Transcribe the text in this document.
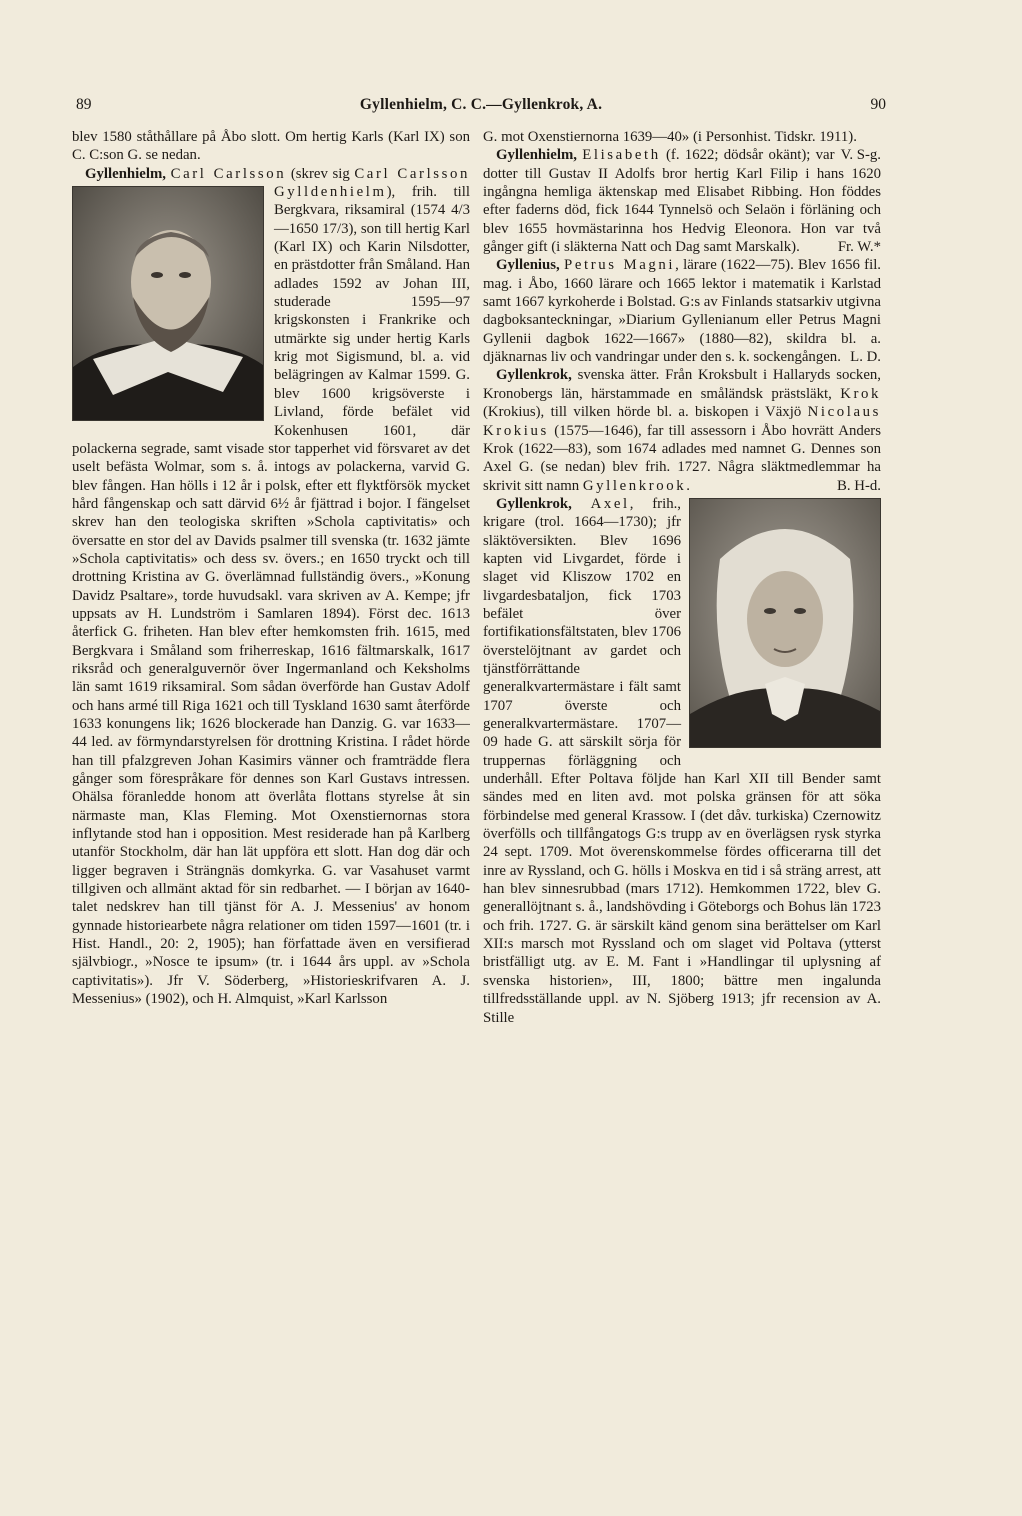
89	Gyllenhielm, C. C.—Gyllenkrok, A.	90

blev 1580 ståthållare på Åbo slott. Om hertig Karls (Karl IX) son C. C:son G. se nedan.

Gyllenhielm, Carl Carlsson (skrev sig Carl Carlsson Gylldenhielm
), frih. till Bergkvara, riksamiral (1574 4/3—1650 17/3), son till hertig Karl (Karl IX) och Karin Nilsdotter, en prästdotter från Småland. Han adlades 1592 av Johan III, studerade 1595—97 krigskonsten i Frankrike och utmärkte sig under hertig Karls krig mot Sigismund, bl. a. vid belägringen av Kalmar 1599. G. blev 1600 krigsöverste i Livland, förde befälet vid Kokenhusen 1601, där polackerna segrade, samt visade stor tapperhet vid försvaret av det uselt befästa Wolmar, som s. å. intogs av polackerna, varvid G. blev fången. Han hölls i 12 år i polsk, efter ett flyktförsök mycket hård fångenskap och satt därvid 6½ år fjättrad i bojor. I fängelset skrev han den teologiska skriften »Schola captivitatis» och översatte en stor del av Davids psalmer till svenska (tr. 1632 jämte »Schola captivitatis» och dess sv. övers.; en 1650 tryckt och till drottning Kristina av G. överlämnad fullständig övers., »Konung Davidz Psaltare», torde huvudsakl. vara skriven av A. Kempe; jfr uppsats av H. Lundström i Samlaren 1894). Först dec. 1613 återfick G. friheten. Han blev efter hemkomsten frih. 1615, med Bergkvara i Småland som friherreskap, 1616 fältmarskalk, 1617 riksråd och generalguvernör över Ingermanland och Keksholms län samt 1619 riksamiral. Som sådan överförde han Gustav Adolf och hans armé till Riga 1621 och till Tyskland 1630 samt återförde 1633 konungens lik; 1626 blockerade han Danzig. G. var 1633—44 led. av förmyndarstyrelsen för drottning Kristina. I rådet hörde han till pfalzgreven Johan Kasimirs vänner och framträdde flera gånger som förespråkare för dennes son Karl Gustavs intressen. Ohälsa föranledde honom att överlåta flottans styrelse åt sin närmaste man, Klas Fleming. Mot Oxenstiernornas stora inflytande stod han i opposition. Mest residerade han på Karlberg utanför Stockholm, där han lät uppföra ett slott. Han dog där och ligger begraven i Strängnäs domkyrka. G. var Vasahuset varmt tillgiven och allmänt aktad för sin redbarhet. — I början av 1640-talet nedskrev han till tjänst för A. J. Messenius' av honom gynnade historiearbete några relationer om tiden 1597—1601 (tr. i Hist. Handl., 20: 2, 1905); han författade även en versifierad självbiogr., »Nosce te ipsum» (tr. i 1644 års uppl. av »Schola captivitatis»). Jfr V. Söderberg, »Historieskrifvaren A. J. Messenius» (1902), och H. Almquist, »Karl Karlsson

G. mot Oxenstiernorna 1639—40» (i Personhist. Tidskr. 1911).
V. S-g.

Gyllenhielm, Elisabeth (f. 1622; dödsår okänt); var dotter till Gustav II Adolfs bror hertig Karl Filip i hans 1620 ingångna hemliga äktenskap med Elisabet Ribbing. Hon föddes efter faderns död, fick 1644 Tynnelsö och Selaön i förläning och blev 1655 hovmästarinna hos Hedvig Eleonora. Hon var två gånger gift (i släkterna Natt och Dag samt Marskalk).	Fr. W.*

Gyllenius, Petrus Magni, lärare (1622—75). Blev 1656 fil. mag. i Åbo, 1660 lärare och 1665 lektor i matematik i Karlstad samt 1667 kyrkoherde i Bolstad. G:s av Finlands statsarkiv utgivna dagboksanteckningar, »Diarium Gyllenianum eller Petrus Magni Gyllenii dagbok 1622—1667» (1880—82), skildra bl. a. djäknarnas liv och vandringar under den s. k. sockengången. L. D.

Gyllenkrok, svenska ätter. Från Kroksbult i Hallaryds socken, Kronobergs län, härstammade en småländsk prästsläkt, Krok (Krokius), till vilken hörde bl. a. biskopen i Växjö Nicolaus Krokius (1575—1646), far till assessorn i Åbo hovrätt Anders Krok (1622—83), som 1674 adlades med namnet G. Dennes son Axel G. (se nedan) blev frih. 1727. Några släktmedlemmar ha skrivit sitt namn Gyllenkrook.	B. H-d.

Gyllenkrok, Axel
, frih., krigare (trol. 1664—1730); jfr släktöversikten. Blev 1696 kapten vid Livgardet, förde i slaget vid Kliszow 1702 en livgardesbataljon, fick 1703 befälet över fortifikationsfältstaten, blev 1706 överstelöjtnant av gardet och tjänstförrättande generalkvartermästare i fält samt 1707 överste och generalkvartermästare. 1707—09 hade G. att särskilt sörja för truppernas förläggning och underhåll. Efter Poltava följde han Karl XII till Bender samt sändes med en liten avd. mot polska gränsen för att söka förbindelse med general Krassow. I (det dåv. turkiska) Czernowitz överfölls och tillfångatogs G:s trupp av en överlägsen rysk styrka 24 sept. 1709. Mot överenskommelse fördes officerarna till det inre av Ryssland, och G. hölls i Moskva en tid i så sträng arrest, att han blev sinnesrubbad (mars 1712). Hemkommen 1722, blev G. generallöjtnant s. å., landshövding i Göteborgs och Bohus län 1723 och frih. 1727. G. är särskilt känd genom sina berättelser om Karl XII:s marsch mot Ryssland och om slaget vid Poltava (ytterst bristfälligt utg. av E. M. Fant i »Handlingar til uplysning af svenska historien», III, 1800; bättre men ingalunda tillfredsställande uppl. av N. Sjöberg 1913; jfr recension av A. Stille
